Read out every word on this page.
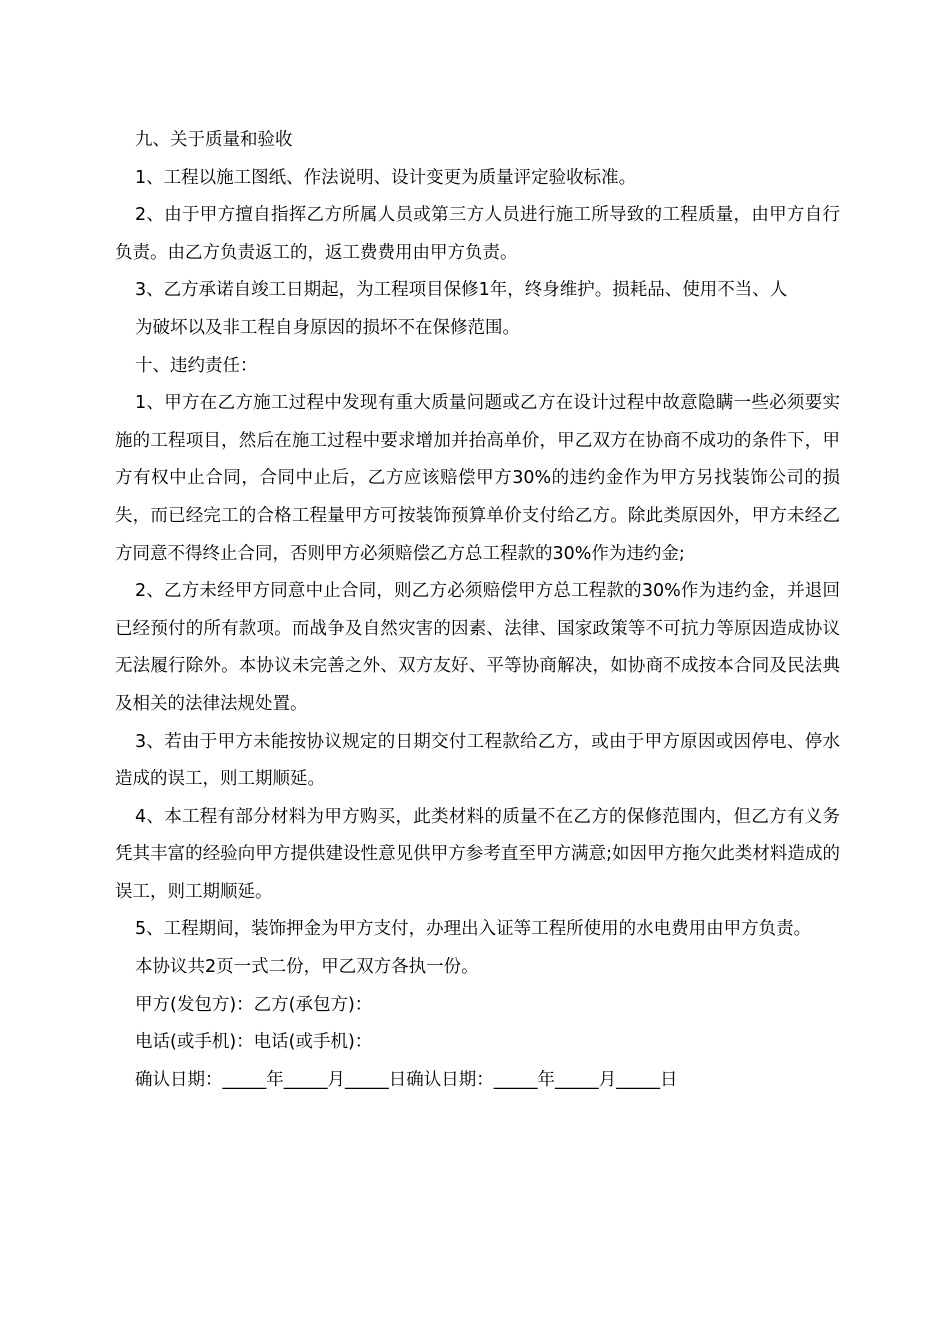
九、关于质量和验收

1、工程以施工图纸、作法说明、设计变更为质量评定验收标准。

2、由于甲方擅自指挥乙方所属人员或第三方人员进行施工所导致的工程质量，由甲方自行负责。由乙方负责返工的，返工费费用由甲方负责。

3、乙方承诺自竣工日期起，为工程项目保修1年，终身维护。损耗品、使用不当、人

为破坏以及非工程自身原因的损坏不在保修范围。

十、违约责任：

1、甲方在乙方施工过程中发现有重大质量问题或乙方在设计过程中故意隐瞒一些必须要实施的工程项目，然后在施工过程中要求增加并抬高单价，甲乙双方在协商不成功的条件下，甲方有权中止合同，合同中止后，乙方应该赔偿甲方30%的违约金作为甲方另找装饰公司的损失，而已经完工的合格工程量甲方可按装饰预算单价支付给乙方。除此类原因外，甲方未经乙方同意不得终止合同，否则甲方必须赔偿乙方总工程款的30%作为违约金;

2、乙方未经甲方同意中止合同，则乙方必须赔偿甲方总工程款的30%作为违约金，并退回已经预付的所有款项。而战争及自然灾害的因素、法律、国家政策等不可抗力等原因造成协议无法履行除外。本协议未完善之外、双方友好、平等协商解决，如协商不成按本合同及民法典及相关的法律法规处置。

3、若由于甲方未能按协议规定的日期交付工程款给乙方，或由于甲方原因或因停电、停水造成的误工，则工期顺延。

4、本工程有部分材料为甲方购买，此类材料的质量不在乙方的保修范围内，但乙方有义务凭其丰富的经验向甲方提供建设性意见供甲方参考直至甲方满意;如因甲方拖欠此类材料造成的误工，则工期顺延。

5、工程期间，装饰押金为甲方支付，办理出入证等工程所使用的水电费用由甲方负责。

本协议共2页一式二份，甲乙双方各执一份。

甲方(发包方)：乙方(承包方)：

电话(或手机)：电话(或手机)：

确认日期：_____年_____月_____日确认日期：_____年_____月_____日
